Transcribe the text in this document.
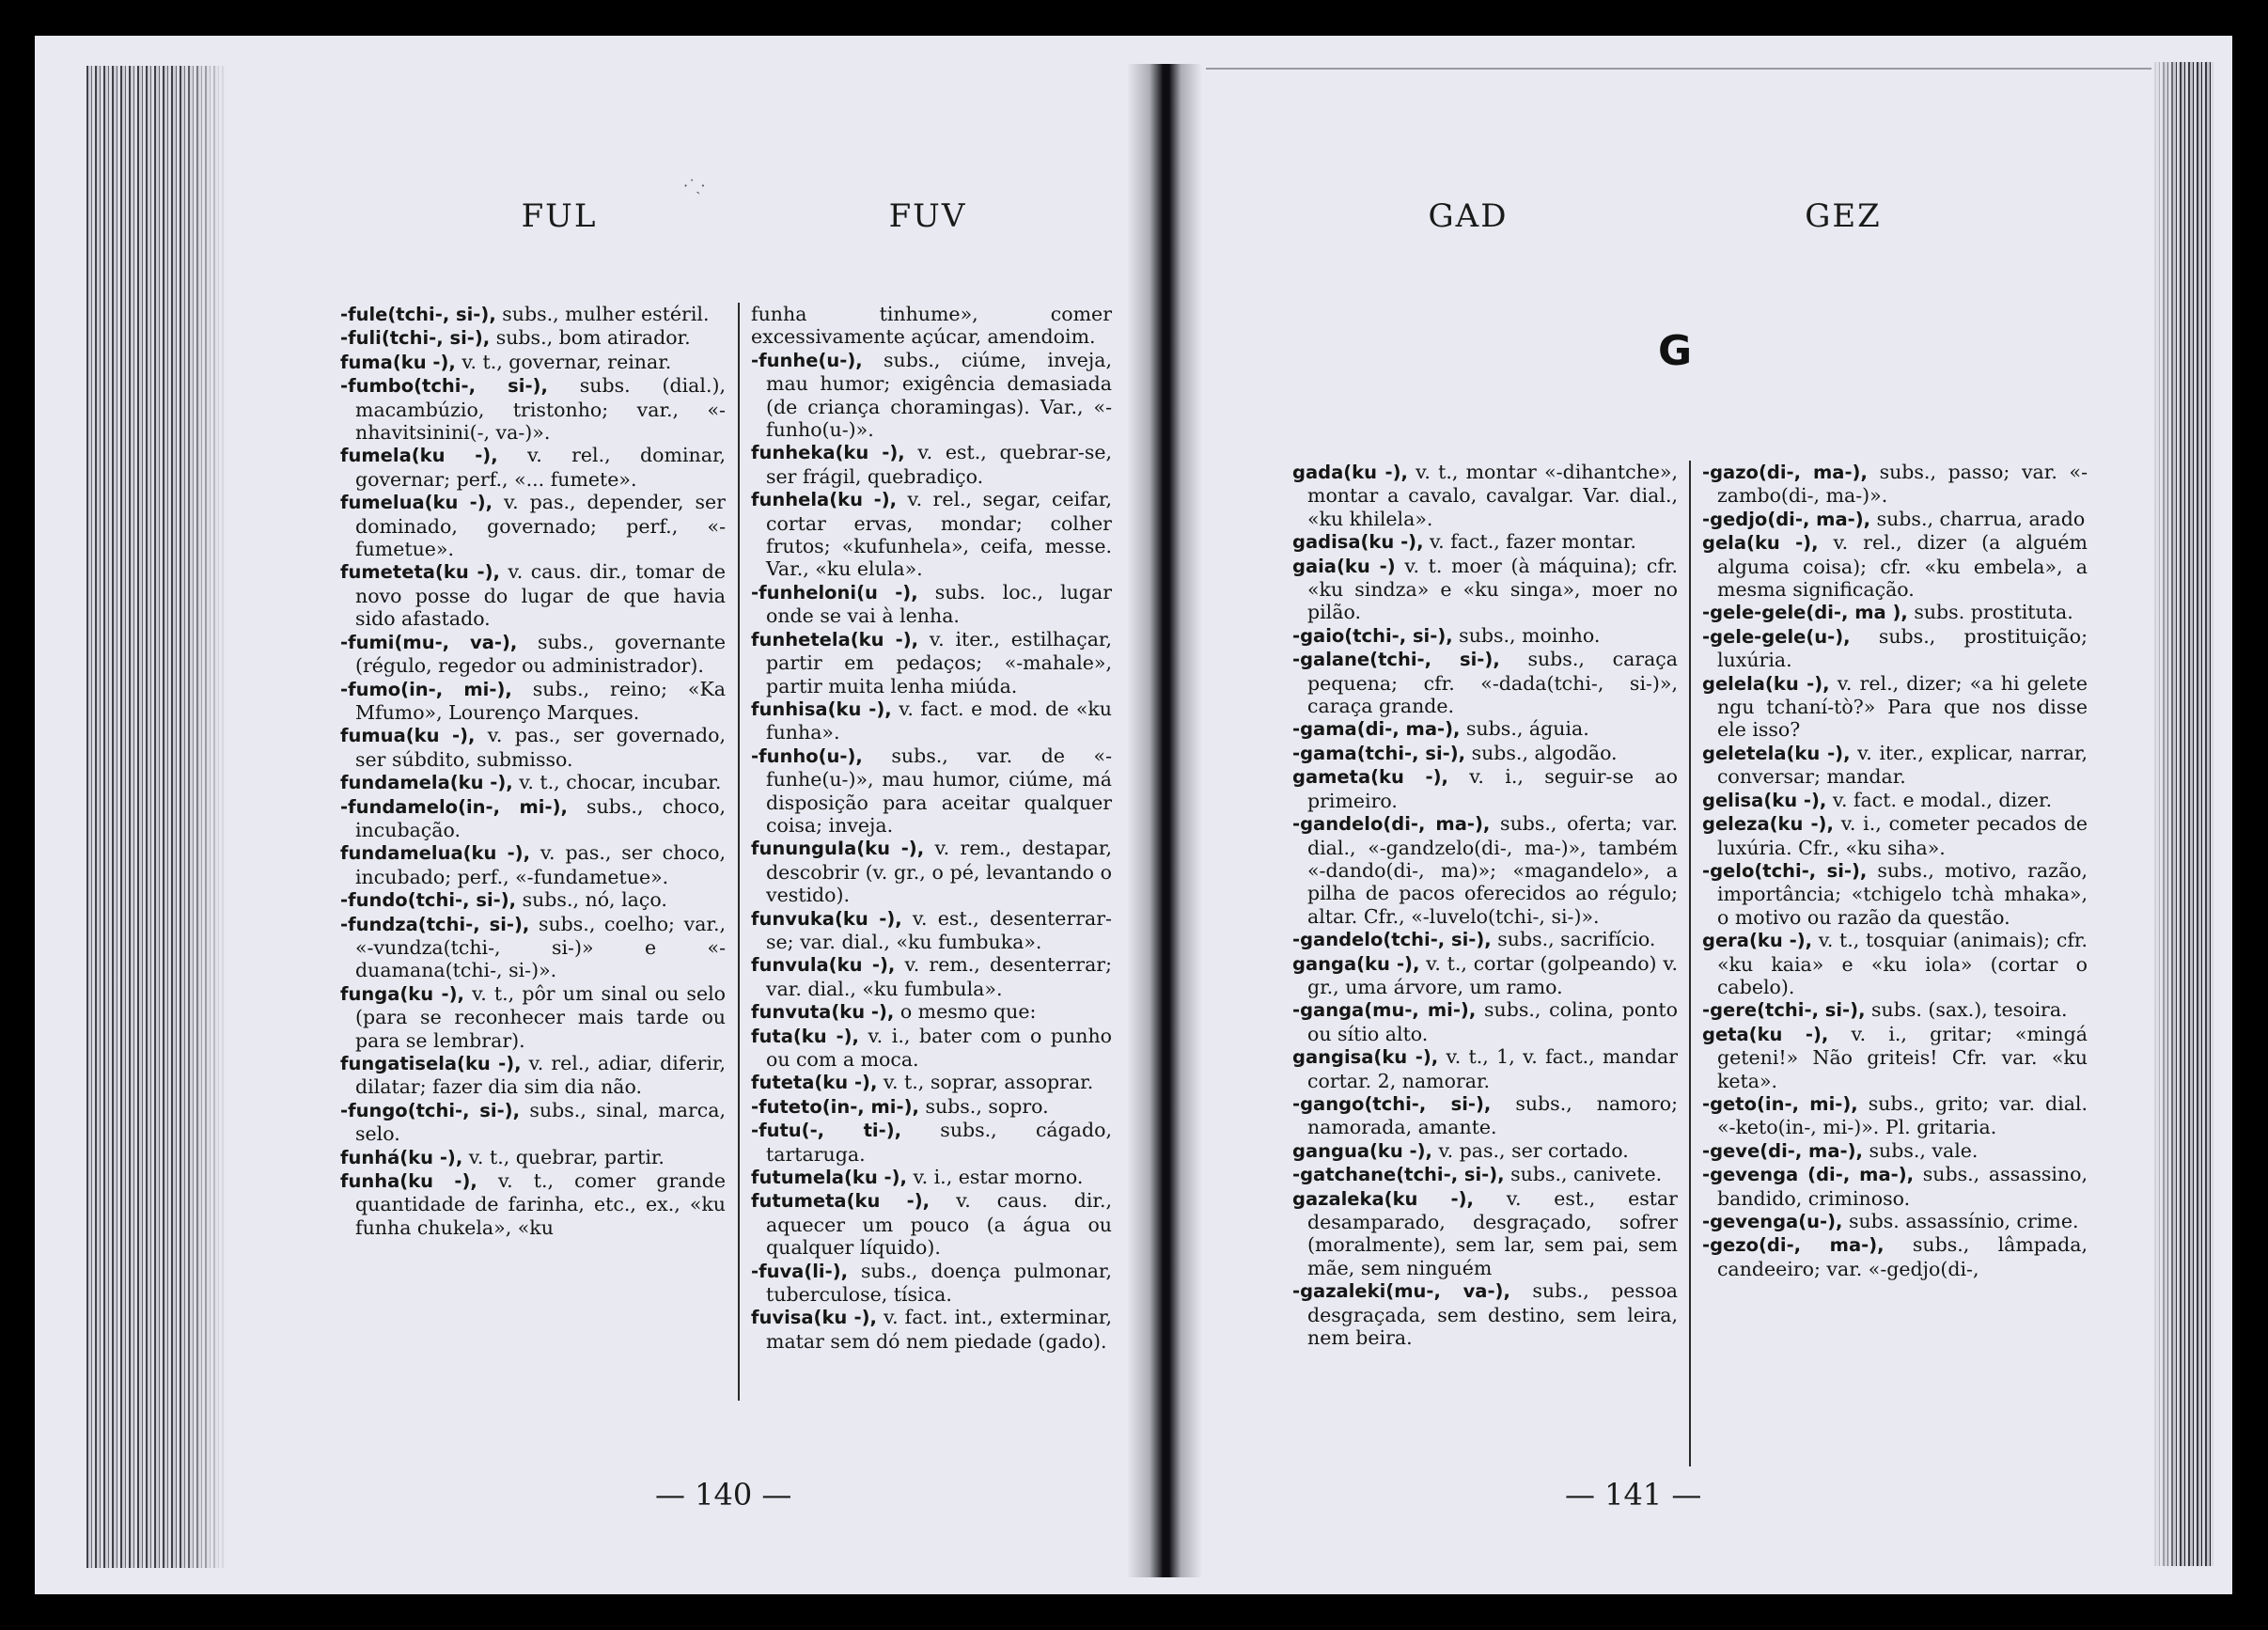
·˙ˏ·
FUL	FUV

-fule(tchi-, si-), subs., mulher estéril.

-fuli(tchi-, si-), subs., bom atirador.

fuma(ku -), v. t., governar, reinar.

-fumbo(tchi-, si-), subs. (dial.), macambúzio, tristonho; var., «-nhavitsinini(-, va-)».

fumela(ku -), v. rel., dominar, governar; perf., «... fumete».

fumelua(ku -), v. pas., depender, ser dominado, governado; perf., «-fumetue».

fumeteta(ku -), v. caus. dir., tomar de novo posse do lugar de que havia sido afastado.

-fumi(mu-, va-), subs., governante (régulo, regedor ou administrador).

-fumo(in-, mi-), subs., reino; «Ka Mfumo», Lourenço Marques.

fumua(ku -), v. pas., ser governado, ser súbdito, submisso.

fundamela(ku -), v. t., chocar, incubar.

-fundamelo(in-, mi-), subs., choco, incubação.

fundamelua(ku -), v. pas., ser choco, incubado; perf., «-fundametue».

-fundo(tchi-, si-), subs., nó, laço.

-fundza(tchi-, si-), subs., coelho; var., «-vundza(tchi-, si-)» e «-duamana(tchi-, si-)».

funga(ku -), v. t., pôr um sinal ou selo (para se reconhecer mais tarde ou para se lembrar).

fungatisela(ku -), v. rel., adiar, diferir, dilatar; fazer dia sim dia não.

-fungo(tchi-, si-), subs., sinal, marca, selo.

funhá(ku -), v. t., quebrar, partir.

funha(ku -), v. t., comer grande quantidade de farinha, etc., ex., «ku funha chukela», «ku

funha tinhume», comer excessivamente açúcar, amendoim.

-funhe(u-), subs., ciúme, inveja, mau humor; exigência demasiada (de criança choramingas). Var., «-funho(u-)».

funheka(ku -), v. est., quebrar-se, ser frágil, quebradiço.

funhela(ku -), v. rel., segar, ceifar, cortar ervas, mondar; colher frutos; «kufunhela», ceifa, messe. Var., «ku elula».

-funheloni(u -), subs. loc., lugar onde se vai à lenha.

funhetela(ku -), v. iter., estilhaçar, partir em pedaços; «-mahale», partir muita lenha miúda.

funhisa(ku -), v. fact. e mod. de «ku funha».

-funho(u-), subs., var. de «-funhe(u-)», mau humor, ciúme, má disposição para aceitar qualquer coisa; inveja.

fununguIa(ku -), v. rem., destapar, descobrir (v. gr., o pé, levantando o vestido).

funvuka(ku -), v. est., desenterrar-se; var. dial., «ku fumbuka».

funvula(ku -), v. rem., desenterrar; var. dial., «ku fumbula».

funvuta(ku -), o mesmo que:

futa(ku -), v. i., bater com o punho ou com a moca.

futeta(ku -), v. t., soprar, assoprar.

-futeto(in-, mi-), subs., sopro.

-futu(-, ti-), subs., cágado, tartaruga.

futumela(ku -), v. i., estar morno.

futumeta(ku -), v. caus. dir., aquecer um pouco (a água ou qualquer líquido).

-fuva(li-), subs., doença pulmonar, tuberculose, tísica.

fuvisa(ku -), v. fact. int., exterminar, matar sem dó nem piedade (gado).

— 140 —
GAD	GEZ

gada(ku -), v. t., montar «-dihantche», montar a cavalo, cavalgar. Var. dial., «ku khilela».

gadisa(ku -), v. fact., fazer montar.

gaia(ku -) v. t. moer (à máquina); cfr. «ku sindza» e «ku singa», moer no pilão.

-gaio(tchi-, si-), subs., moinho.

-galane(tchi-, si-), subs., caraça pequena; cfr. «-dada(tchi-, si-)», caraça grande.

-gama(di-, ma-), subs., águia.

-gama(tchi-, si-), subs., algodão.

gameta(ku -), v. i., seguir-se ao primeiro.

-gandelo(di-, ma-), subs., oferta; var. dial., «-gandzelo(di-, ma-)», também «-dando(di-, ma)»; «magandelo», a pilha de pacos oferecidos ao régulo; altar. Cfr., «-luvelo(tchi-, si-)».

-gandelo(tchi-, si-), subs., sacrifício.

ganga(ku -), v. t., cortar (golpeando) v. gr., uma árvore, um ramo.

-ganga(mu-, mi-), subs., colina, ponto ou sítio alto.

gangisa(ku -), v. t., 1, v. fact., mandar cortar. 2, namorar.

-gango(tchi-, si-), subs., namoro; namorada, amante.

gangua(ku -), v. pas., ser cortado.

-gatchane(tchi-, si-), subs., canivete.

gazaleka(ku -), v. est., estar desamparado, desgraçado, sofrer (moralmente), sem lar, sem pai, sem mãe, sem ninguém

-gazaleki(mu-, va-), subs., pessoa desgraçada, sem destino, sem leira, nem beira.

-gazo(di-, ma-), subs., passo; var. «-zambo(di-, ma-)».

-gedjo(di-, ma-), subs., charrua, arado

gela(ku -), v. rel., dizer (a alguém alguma coisa); cfr. «ku embela», a mesma significação.

-gele-gele(di-, ma ), subs. prostituta.

-gele-gele(u-), subs., prostituição; luxúria.

gelela(ku -), v. rel., dizer; «a hi gelete ngu tchaní-tò?» Para que nos disse ele isso?

geletela(ku -), v. iter., explicar, narrar, conversar; mandar.

gelisa(ku -), v. fact. e modal., dizer.

geleza(ku -), v. i., cometer pecados de luxúria. Cfr., «ku siha».

-gelo(tchi-, si-), subs., motivo, razão, importância; «tchigelo tchà mhaka», o motivo ou razão da questão.

gera(ku -), v. t., tosquiar (animais); cfr. «ku kaia» e «ku iola» (cortar o cabelo).

-gere(tchi-, si-), subs. (sax.), tesoira.

geta(ku -), v. i., gritar; «mingá geteni!» Não griteis! Cfr. var. «ku keta».

-geto(in-, mi-), subs., grito; var. dial. «-keto(in-, mi-)». Pl. gritaria.

-geve(di-, ma-), subs., vale.

-gevenga (di-, ma-), subs., assassino, bandido, criminoso.

-gevenga(u-), subs. assassínio, crime.

-gezo(di-, ma-), subs., lâmpada, candeeiro; var. «-gedjo(di-,

— 141 —
G
